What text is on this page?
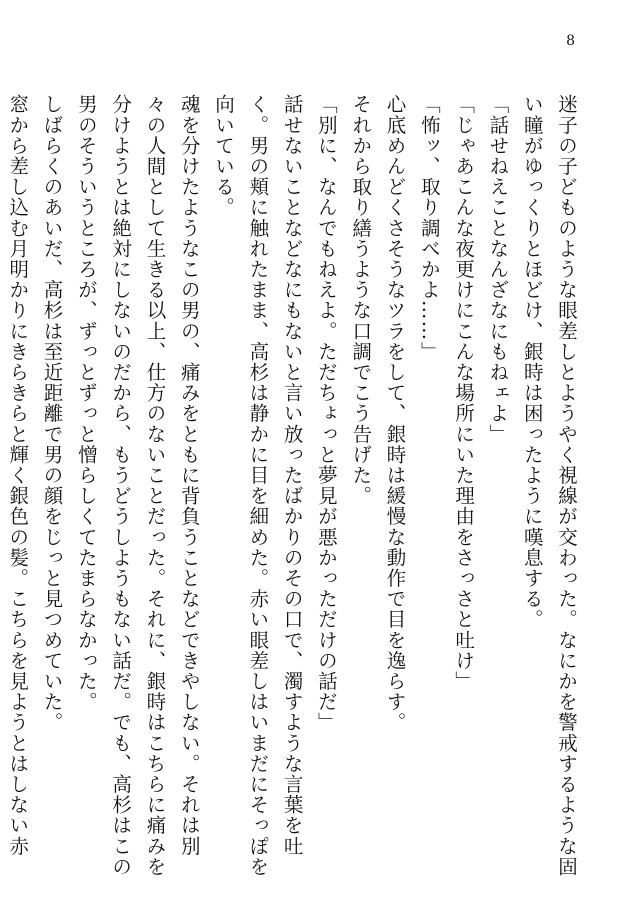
8
迷子の子どものような眼差しとようやく視線が交わった。なにかを警戒するような固
い瞳がゆっくりとほどけ、銀時は困ったように嘆息する。
「話せねえことなんざなにもねェよ」
「じゃあこんな夜更けにこんな場所にいた理由をさっさと吐け」
「怖ッ、取り調べかよ……」
心底めんどくさそうなツラをして、銀時は緩慢な動作で目を逸らす。
それから取り繕うような口調でこう告げた。
「別に、なんでもねえよ。ただちょっと夢見が悪かっただけの話だ」
話せないことなどなにもないと言い放ったばかりのその口で、濁すような言葉を吐
く。男の頬に触れたまま、高杉は静かに目を細めた。赤い眼差しはいまだにそっぽを
向いている。
魂を分けたようなこの男の、痛みをともに背負うことなどできやしない。それは別
々の人間として生きる以上、仕方のないことだった。それに、銀時はこちらに痛みを
分けようとは絶対にしないのだから、もうどうしようもない話だ。でも、高杉はこの
男のそういうところが、ずっとずっと憎らしくてたまらなかった。
しばらくのあいだ、高杉は至近距離で男の顔をじっと見つめていた。
窓から差し込む月明かりにきらきらと輝く銀色の髪。こちらを見ようとはしない赤
